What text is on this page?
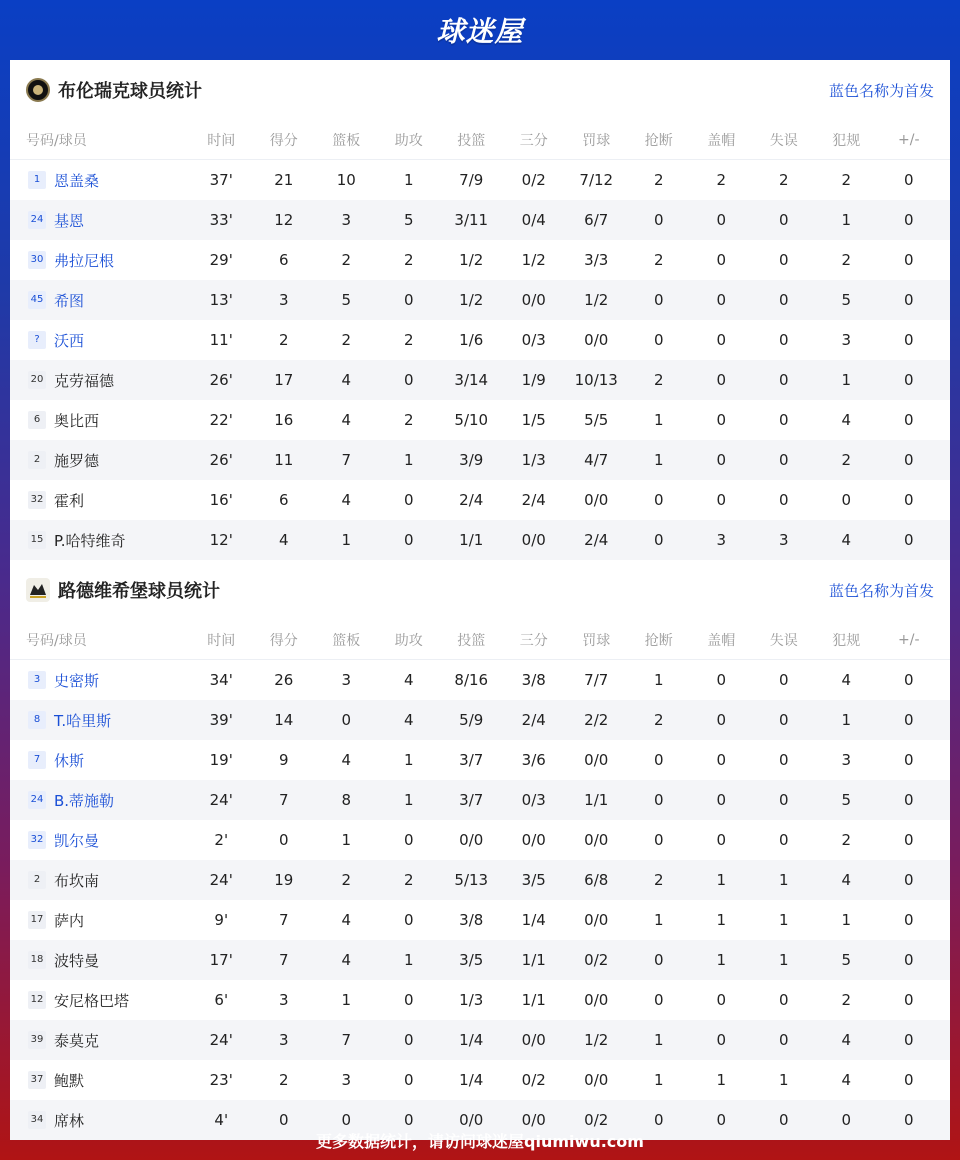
球迷屋
布伦瑞克球员统计	蓝色名称为首发
号码/球员	时间	得分	篮板	助攻	投篮	三分	罚球	抢断	盖帽	失误	犯规	+/-
1 恩盖桑	37'	21	10	1	7/9	0/2	7/12	2	2	2	2	0
24 基恩	33'	12	3	5	3/11	0/4	6/7	0	0	0	1	0
30 弗拉尼根	29'	6	2	2	1/2	1/2	3/3	2	0	0	2	0
45 希图	13'	3	5	0	1/2	0/0	1/2	0	0	0	5	0
? 沃西	11'	2	2	2	1/6	0/3	0/0	0	0	0	3	0
20 克劳福德	26'	17	4	0	3/14	1/9	10/13	2	0	0	1	0
6 奥比西	22'	16	4	2	5/10	1/5	5/5	1	0	0	4	0
2 施罗德	26'	11	7	1	3/9	1/3	4/7	1	0	0	2	0
32 霍利	16'	6	4	0	2/4	2/4	0/0	0	0	0	0	0
15 P.哈特维奇	12'	4	1	0	1/1	0/0	2/4	0	3	3	4	0
路德维希堡球员统计	蓝色名称为首发
号码/球员	时间	得分	篮板	助攻	投篮	三分	罚球	抢断	盖帽	失误	犯规	+/-
3 史密斯	34'	26	3	4	8/16	3/8	7/7	1	0	0	4	0
8 T.哈里斯	39'	14	0	4	5/9	2/4	2/2	2	0	0	1	0
7 休斯	19'	9	4	1	3/7	3/6	0/0	0	0	0	3	0
24 B.蒂施勒	24'	7	8	1	3/7	0/3	1/1	0	0	0	5	0
32 凯尔曼	2'	0	1	0	0/0	0/0	0/0	0	0	0	2	0
2 布坎南	24'	19	2	2	5/13	3/5	6/8	2	1	1	4	0
17 萨内	9'	7	4	0	3/8	1/4	0/0	1	1	1	1	0
18 波特曼	17'	7	4	1	3/5	1/1	0/2	0	1	1	5	0
12 安尼格巴塔	6'	3	1	0	1/3	1/1	0/0	0	0	0	2	0
39 泰莫克	24'	3	7	0	1/4	0/0	1/2	1	0	0	4	0
37 鲍默	23'	2	3	0	1/4	0/2	0/0	1	1	1	4	0
34 席林	4'	0	0	0	0/0	0/0	0/2	0	0	0	0	0
更多数据统计，请访问球迷屋qiumiwu.com
